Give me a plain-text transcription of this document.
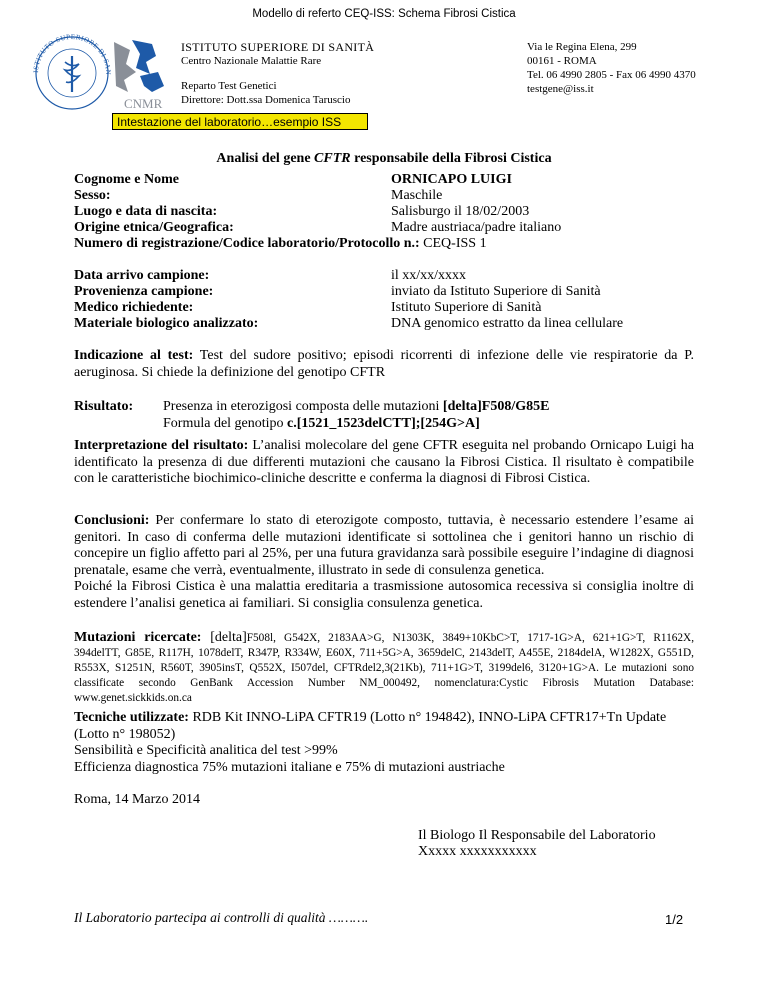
Modello di referto CEQ-ISS: Schema Fibrosi Cistica
ISTITUTO SUPERIORE DI SAN
CNMR
ISTITUTO SUPERIORE DI SANITÀ
Centro Nazionale Malattie Rare
Reparto Test Genetici
Direttore: Dott.ssa Domenica Taruscio
Via le Regina Elena, 299
00161 - ROMA
Tel. 06 4990 2805 - Fax 06 4990 4370
testgene@iss.it
Intestazione del laboratorio…esempio ISS
Analisi del gene CFTR responsabile della Fibrosi Cistica
Cognome e Nome	ORNICAPO LUIGI
Sesso:	Maschile
Luogo e data di nascita:	Salisburgo il 18/02/2003
Origine etnica/Geografica:	Madre austriaca/padre italiano
Numero di registrazione/Codice laboratorio/Protocollo n.: CEQ-ISS 1
Data arrivo campione:	il xx/xx/xxxx
Provenienza campione:	inviato da Istituto Superiore di Sanità
Medico richiedente:	Istituto Superiore di Sanità
Materiale biologico analizzato:	DNA genomico estratto da linea cellulare
Indicazione al test: Test del sudore positivo; episodi ricorrenti di infezione delle vie respiratorie da P. aeruginosa. Si chiede la definizione del genotipo CFTR
Risultato: Presenza in eterozigosi composta delle mutazioni [delta]F508/G85E
Formula del genotipo c.[1521_1523delCTT];[254G>A]
Interpretazione del risultato: L’analisi molecolare del gene CFTR eseguita nel probando Ornicapo Luigi ha identificato la presenza di due differenti mutazioni che causano la Fibrosi Cistica. Il risultato è compatibile con le caratteristiche biochimico-cliniche descritte e conferma la diagnosi di Fibrosi Cistica.
Conclusioni: Per confermare lo stato di eterozigote composto, tuttavia, è necessario estendere l’esame ai genitori. In caso di conferma delle mutazioni identificate si sottolinea che i genitori hanno un rischio di concepire un figlio affetto pari al 25%, per una futura gravidanza sarà possibile eseguire l’indagine di diagnosi prenatale, esame che verrà, eventualmente, illustrato in sede di consulenza genetica.
Poiché la Fibrosi Cistica è una malattia ereditaria a trasmissione autosomica recessiva si consiglia inoltre di estendere l’analisi genetica ai familiari. Si consiglia consulenza genetica.
Mutazioni ricercate: [delta]F508l, G542X, 2183AA>G, N1303K, 3849+10KbC>T, 1717-1G>A, 621+1G>T, R1162X, 394delTT, G85E, R117H, 1078delT, R347P, R334W, E60X, 711+5G>A, 3659delC, 2143delT, A455E, 2184delA, W1282X, G551D, R553X, S1251N, R560T, 3905insT, Q552X, I507del, CFTRdel2,3(21Kb), 711+1G>T, 3199del6, 3120+1G>A. Le mutazioni sono classificate secondo GenBank Accession Number NM_000492, nomenclatura:Cystic Fibrosis Mutation Database: www.genet.sickkids.on.ca
Tecniche utilizzate: RDB Kit INNO-LiPA CFTR19 (Lotto n° 194842), INNO-LiPA CFTR17+Tn Update (Lotto n° 198052)
Sensibilità e Specificità analitica del test >99%
Efficienza diagnostica 75% mutazioni italiane e 75% di mutazioni austriache
Roma, 14 Marzo 2014
Il Biologo Il Responsabile del Laboratorio
Xxxxx xxxxxxxxxxx
Il Laboratorio partecipa ai controlli di qualità ……….	1/2
